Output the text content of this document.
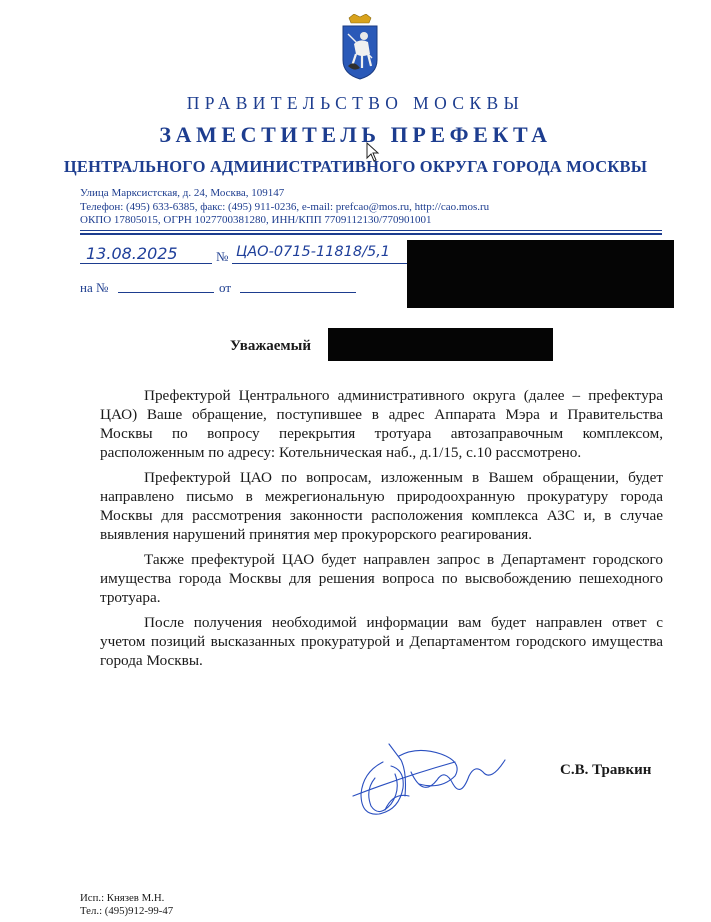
ПРАВИТЕЛЬСТВО МОСКВЫ
ЗАМЕСТИТЕЛЬ ПРЕФЕКТА
ЦЕНТРАЛЬНОГО АДМИНИСТРАТИВНОГО ОКРУГА ГОРОДА МОСКВЫ
Улица Марксистская, д. 24, Москва, 109147
Телефон: (495) 633-6385, факс: (495) 911-0236, e-mail: prefcao@mos.ru, http://cao.mos.ru
ОКПО 17805015, ОГРН 1027700381280, ИНН/КПП 7709112130/770901001
13.08.2025	№ ЦАО-0715-11818/5,1
на №	от
Уважаемый

Префектурой Центрального административного округа (далее – префектура ЦАО) Ваше обращение, поступившее в адрес Аппарата Мэра и Правительства Москвы по вопросу перекрытия тротуара автозаправочным комплексом, расположенным по адресу: Котельническая наб., д.1/15, с.10 рассмотрено.

Префектурой ЦАО по вопросам, изложенным в Вашем обращении, будет направлено письмо в межрегиональную природоохранную прокуратуру города Москвы для рассмотрения законности расположения комплекса АЗС и, в случае выявления нарушений принятия мер прокурорского реагирования.

Также префектурой ЦАО будет направлен запрос в Департамент городского имущества города Москвы для решения вопроса по высвобождению пешеходного тротуара.

После получения необходимой информации вам будет направлен ответ с учетом позиций высказанных прокуратурой и Департаментом городского имущества города Москвы.

С.В. Травкин
Исп.: Князев М.Н.
Тел.: (495)912-99-47
